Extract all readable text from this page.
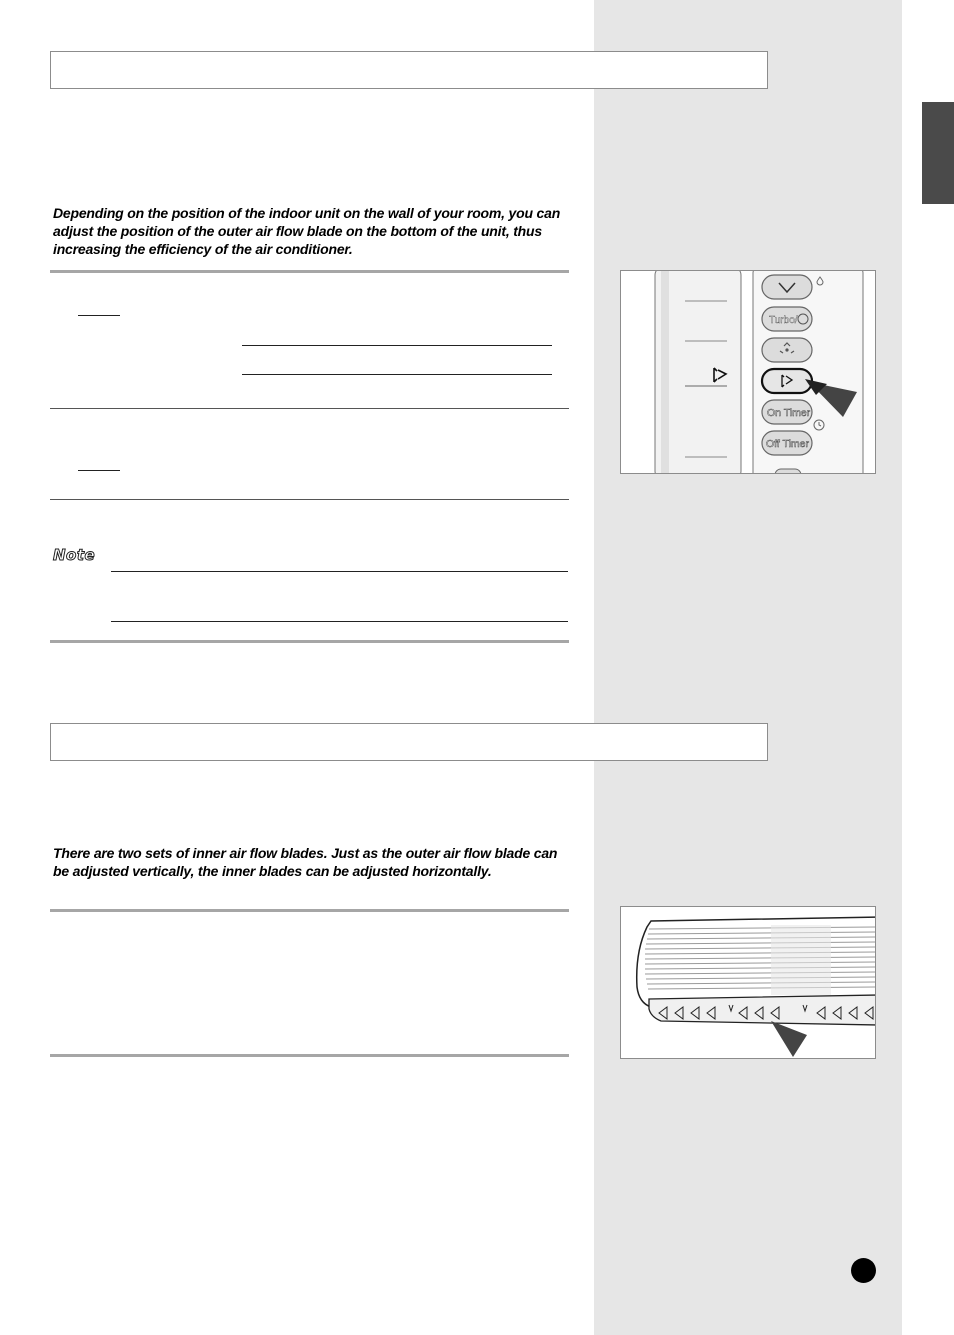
Depending on the position of the indoor unit on the wall of your room, you can adjust the position of the outer air flow blade on the bottom of the unit, thus increasing the efficiency of the air conditioner.

Note
Turbo/
On Timer
Off Timer

There are two sets of inner air flow blades. Just as the outer air flow blade can be adjusted vertically, the inner blades can be adjusted horizontally.
